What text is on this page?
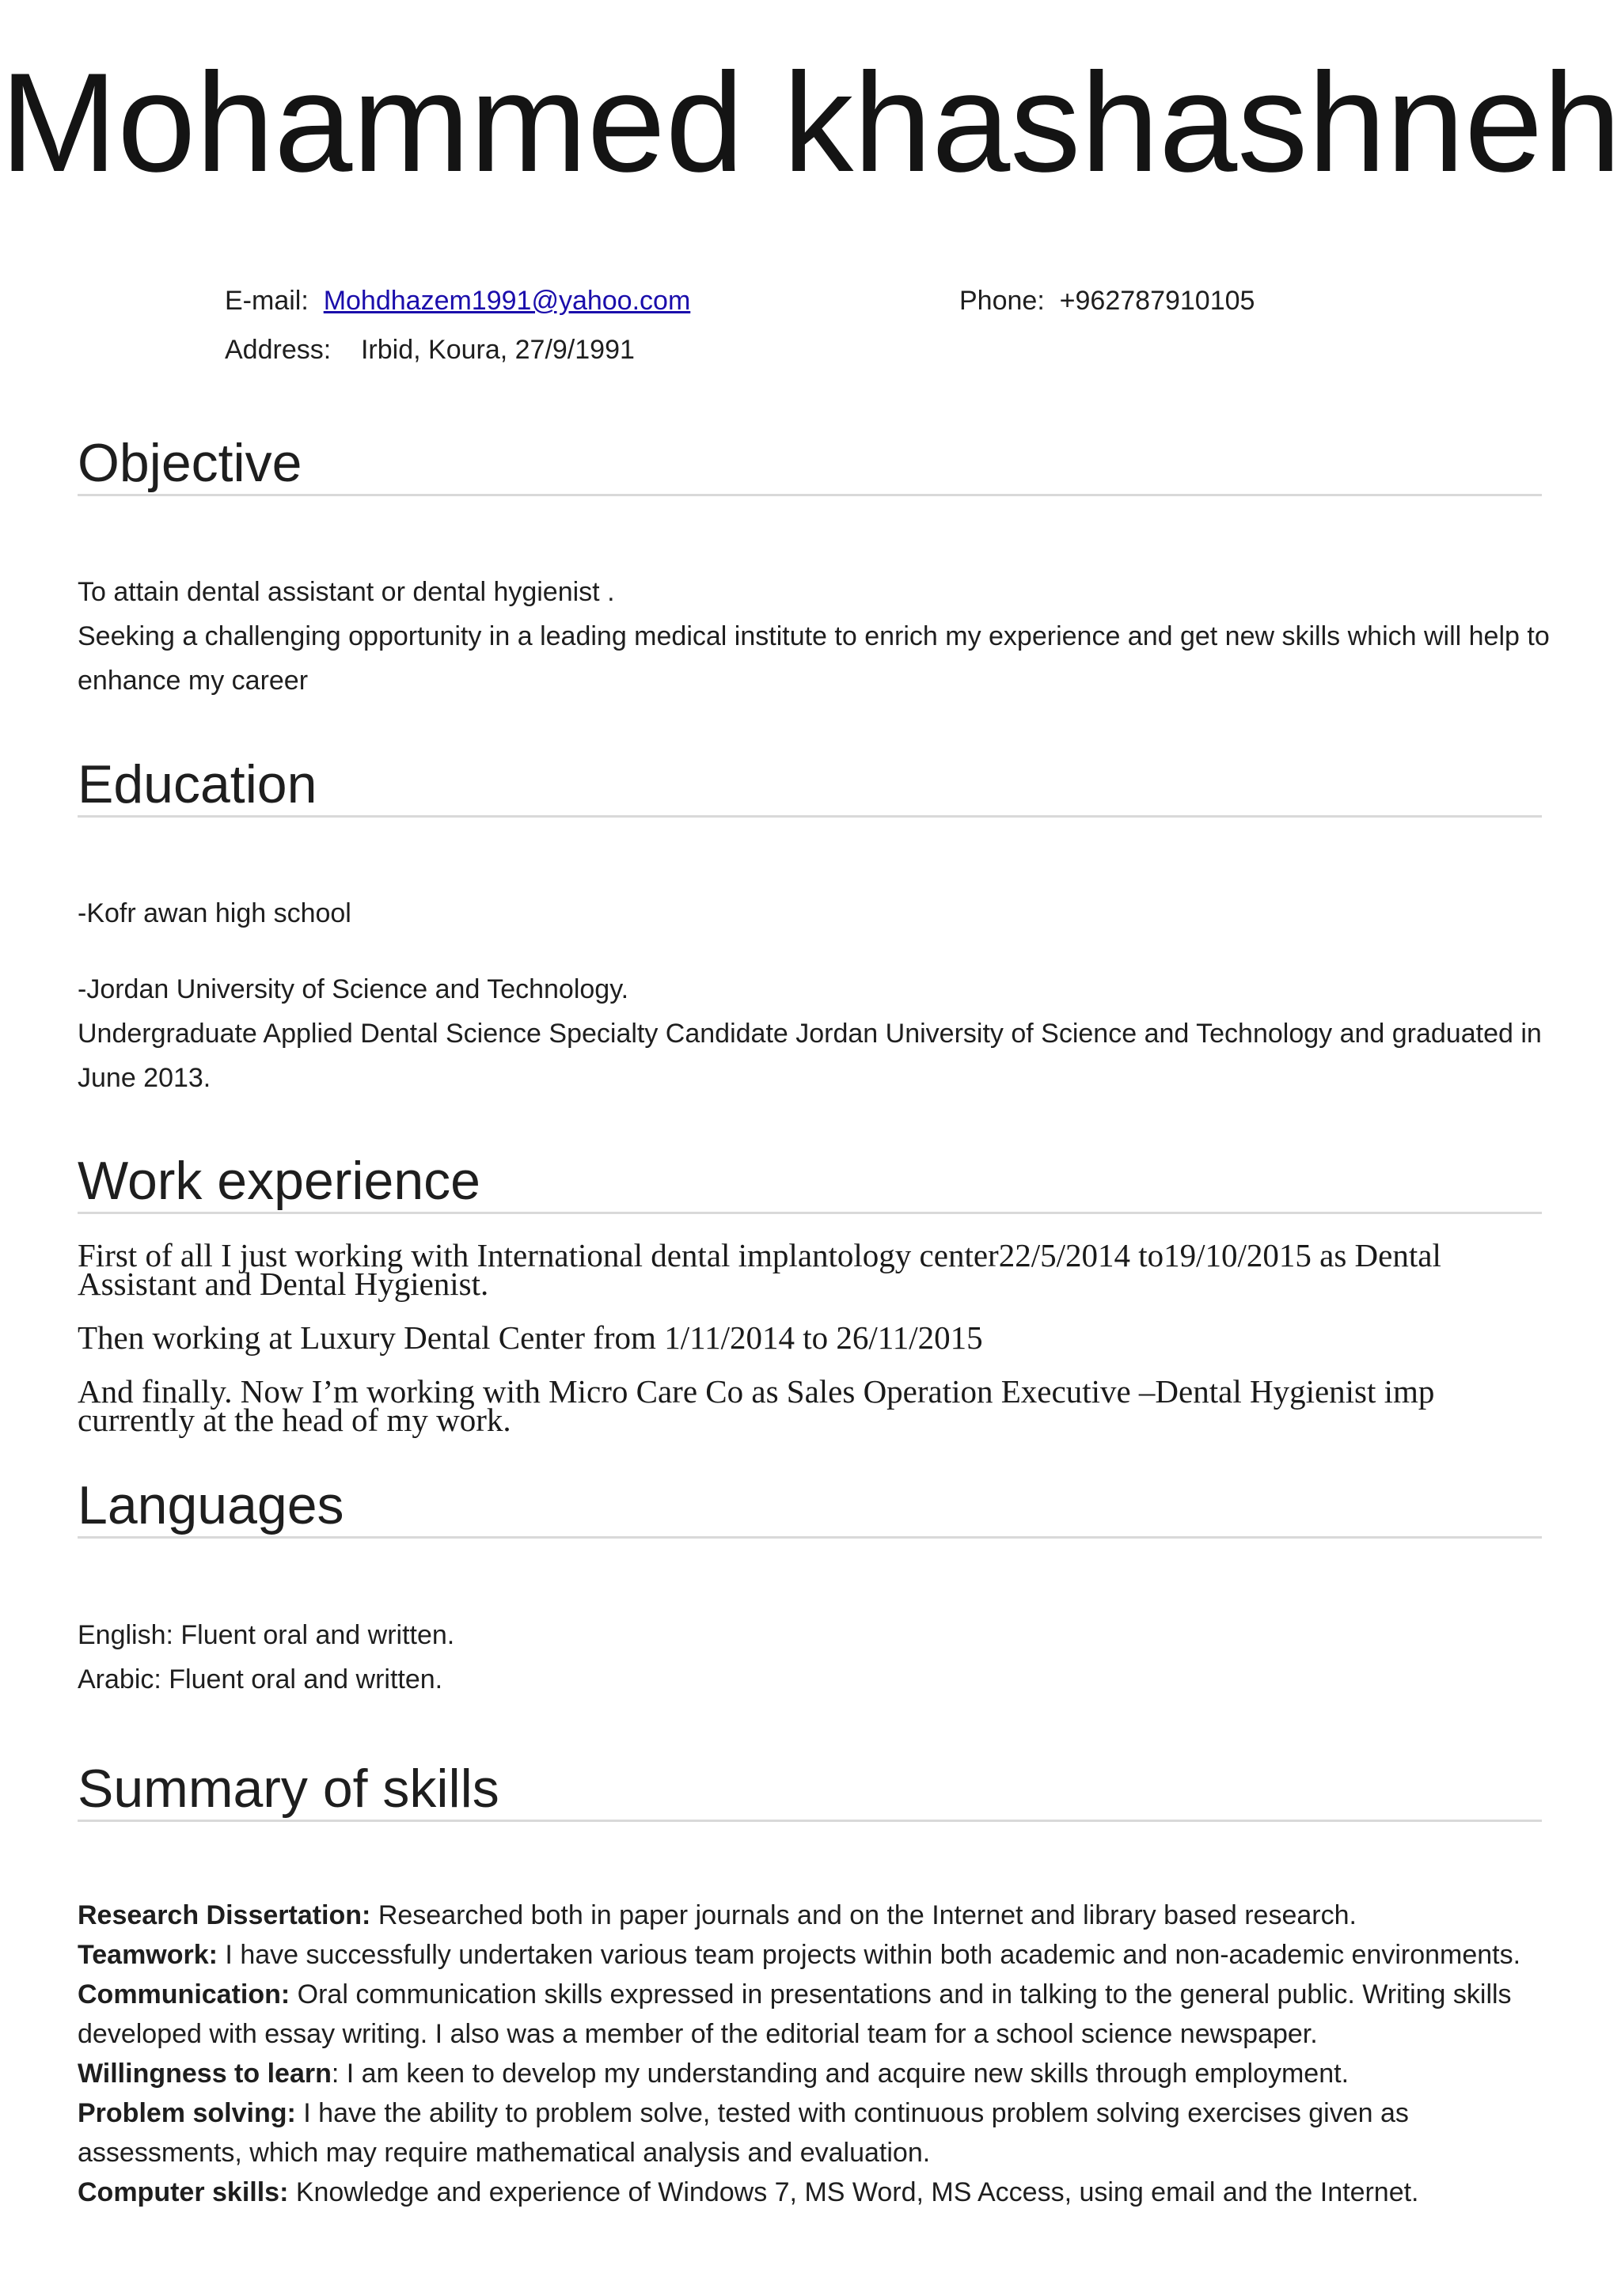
Mohammed khashashneh
E-mail: Mohdhazem1991@yahoo.com	Phone: +962787910105
Address: Irbid, Koura, 27/9/1991
Objective

To attain dental assistant or dental hygienist .

Seeking a challenging opportunity in a leading medical institute to enrich my experience and get new skills which will help to enhance my career

Education

-Kofr awan high school

-Jordan University of Science and Technology.

Undergraduate Applied Dental Science Specialty Candidate Jordan University of Science and Technology and graduated in June 2013.

Work experience

First of all I just working with International dental implantology center22/5/2014 to19/10/2015 as Dental Assistant and Dental Hygienist.

Then working at Luxury Dental Center from 1/11/2014 to 26/11/2015

And finally. Now I’m working with Micro Care Co as Sales Operation Executive –Dental Hygienist imp currently at the head of my work.

Languages

English: Fluent oral and written.

Arabic: Fluent oral and written.

Summary of skills

Research Dissertation: Researched both in paper journals and on the Internet and library based research.

Teamwork: I have successfully undertaken various team projects within both academic and non-academic environments.

Communication: Oral communication skills expressed in presentations and in talking to the general public. Writing skills developed with essay writing. I also was a member of the editorial team for a school science newspaper.

Willingness to learn: I am keen to develop my understanding and acquire new skills through employment.

Problem solving: I have the ability to problem solve, tested with continuous problem solving exercises given as assessments, which may require mathematical analysis and evaluation.

Computer skills: Knowledge and experience of Windows 7, MS Word, MS Access, using email and the Internet.
